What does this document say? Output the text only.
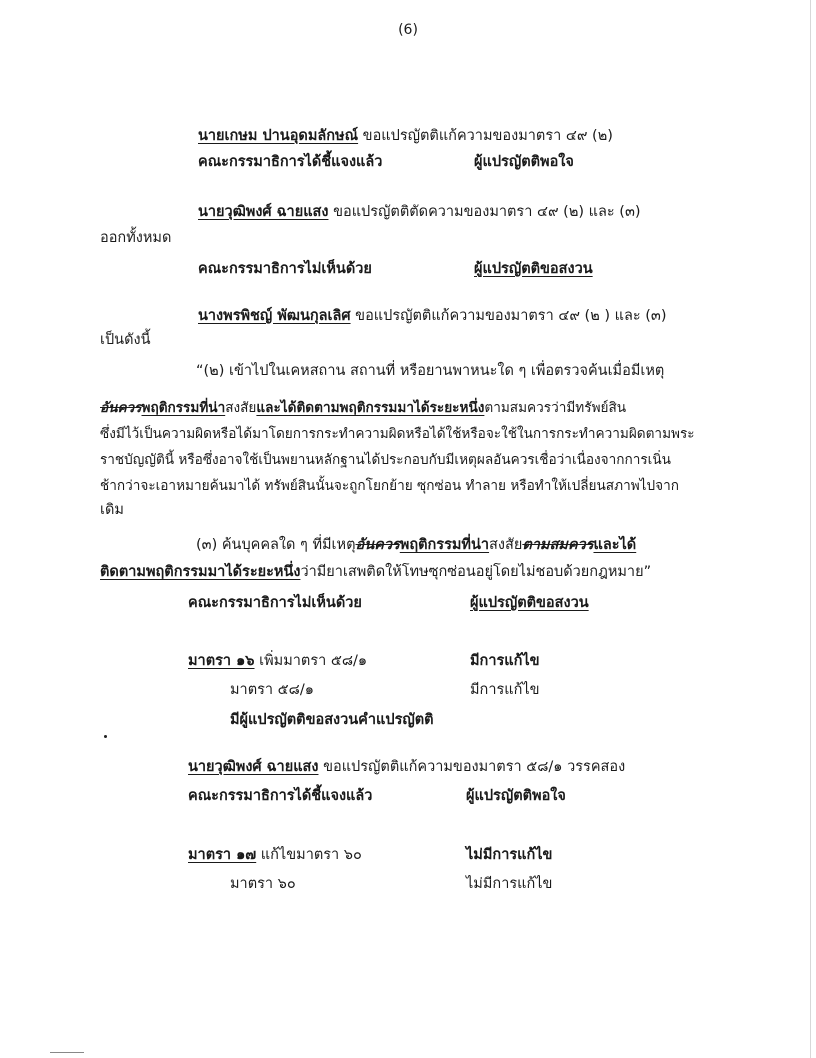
(6)
นายเกษม ปานอุดมลักษณ์ ขอแปรญัตติแก้ความของมาตรา ๔๙ (๒)
คณะกรรมาธิการได้ชี้แจงแล้ว	ผู้แปรญัตติพอใจ
นายวุฒิพงศ์ ฉายแสง ขอแปรญัตติตัดความของมาตรา ๔๙ (๒) และ (๓)
ออกทั้งหมด
คณะกรรมาธิการไม่เห็นด้วย	ผู้แปรญัตติขอสงวน
นางพรพิชญ์ พัฒนกุลเลิศ ขอแปรญัตติแก้ความของมาตรา ๔๙ (๒ ) และ (๓)
เป็นดังนี้
“(๒) เข้าไปในเคหสถาน สถานที่ หรือยานพาหนะใด ๆ เพื่อตรวจค้นเมื่อมีเหตุ
อันควรพฤติกรรมที่น่าสงสัยและได้ติดตามพฤติกรรมมาได้ระยะหนึ่งตามสมควรว่ามีทรัพย์สิน
ซึ่งมีไว้เป็นความผิดหรือได้มาโดยการกระทำความผิดหรือได้ใช้หรือจะใช้ในการกระทำความผิดตามพระ
ราชบัญญัตินี้ หรือซึ่งอาจใช้เป็นพยานหลักฐานได้ประกอบกับมีเหตุผลอันควรเชื่อว่าเนื่องจากการเนิ่น
ช้ากว่าจะเอาหมายค้นมาได้ ทรัพย์สินนั้นจะถูกโยกย้าย ซุกซ่อน ทำลาย หรือทำให้เปลี่ยนสภาพไปจาก
เดิม
(๓) ค้นบุคคลใด ๆ ที่มีเหตุอันควรพฤติกรรมที่น่าสงสัยตามสมควรและได้
ติดตามพฤติกรรมมาได้ระยะหนึ่งว่ามียาเสพติดให้โทษซุกซ่อนอยู่โดยไม่ชอบด้วยกฎหมาย”
คณะกรรมาธิการไม่เห็นด้วย	ผู้แปรญัตติขอสงวน
มาตรา ๑๖ เพิ่มมาตรา ๕๘/๑	มีการแก้ไข
มาตรา ๕๘/๑	มีการแก้ไข
มีผู้แปรญัตติขอสงวนคำแปรญัตติ
นายวุฒิพงศ์ ฉายแสง ขอแปรญัตติแก้ความของมาตรา ๕๘/๑ วรรคสอง
คณะกรรมาธิการได้ชี้แจงแล้ว	ผู้แปรญัตติพอใจ
มาตรา ๑๗ แก้ไขมาตรา ๖๐	ไม่มีการแก้ไข
มาตรา ๖๐	ไม่มีการแก้ไข
